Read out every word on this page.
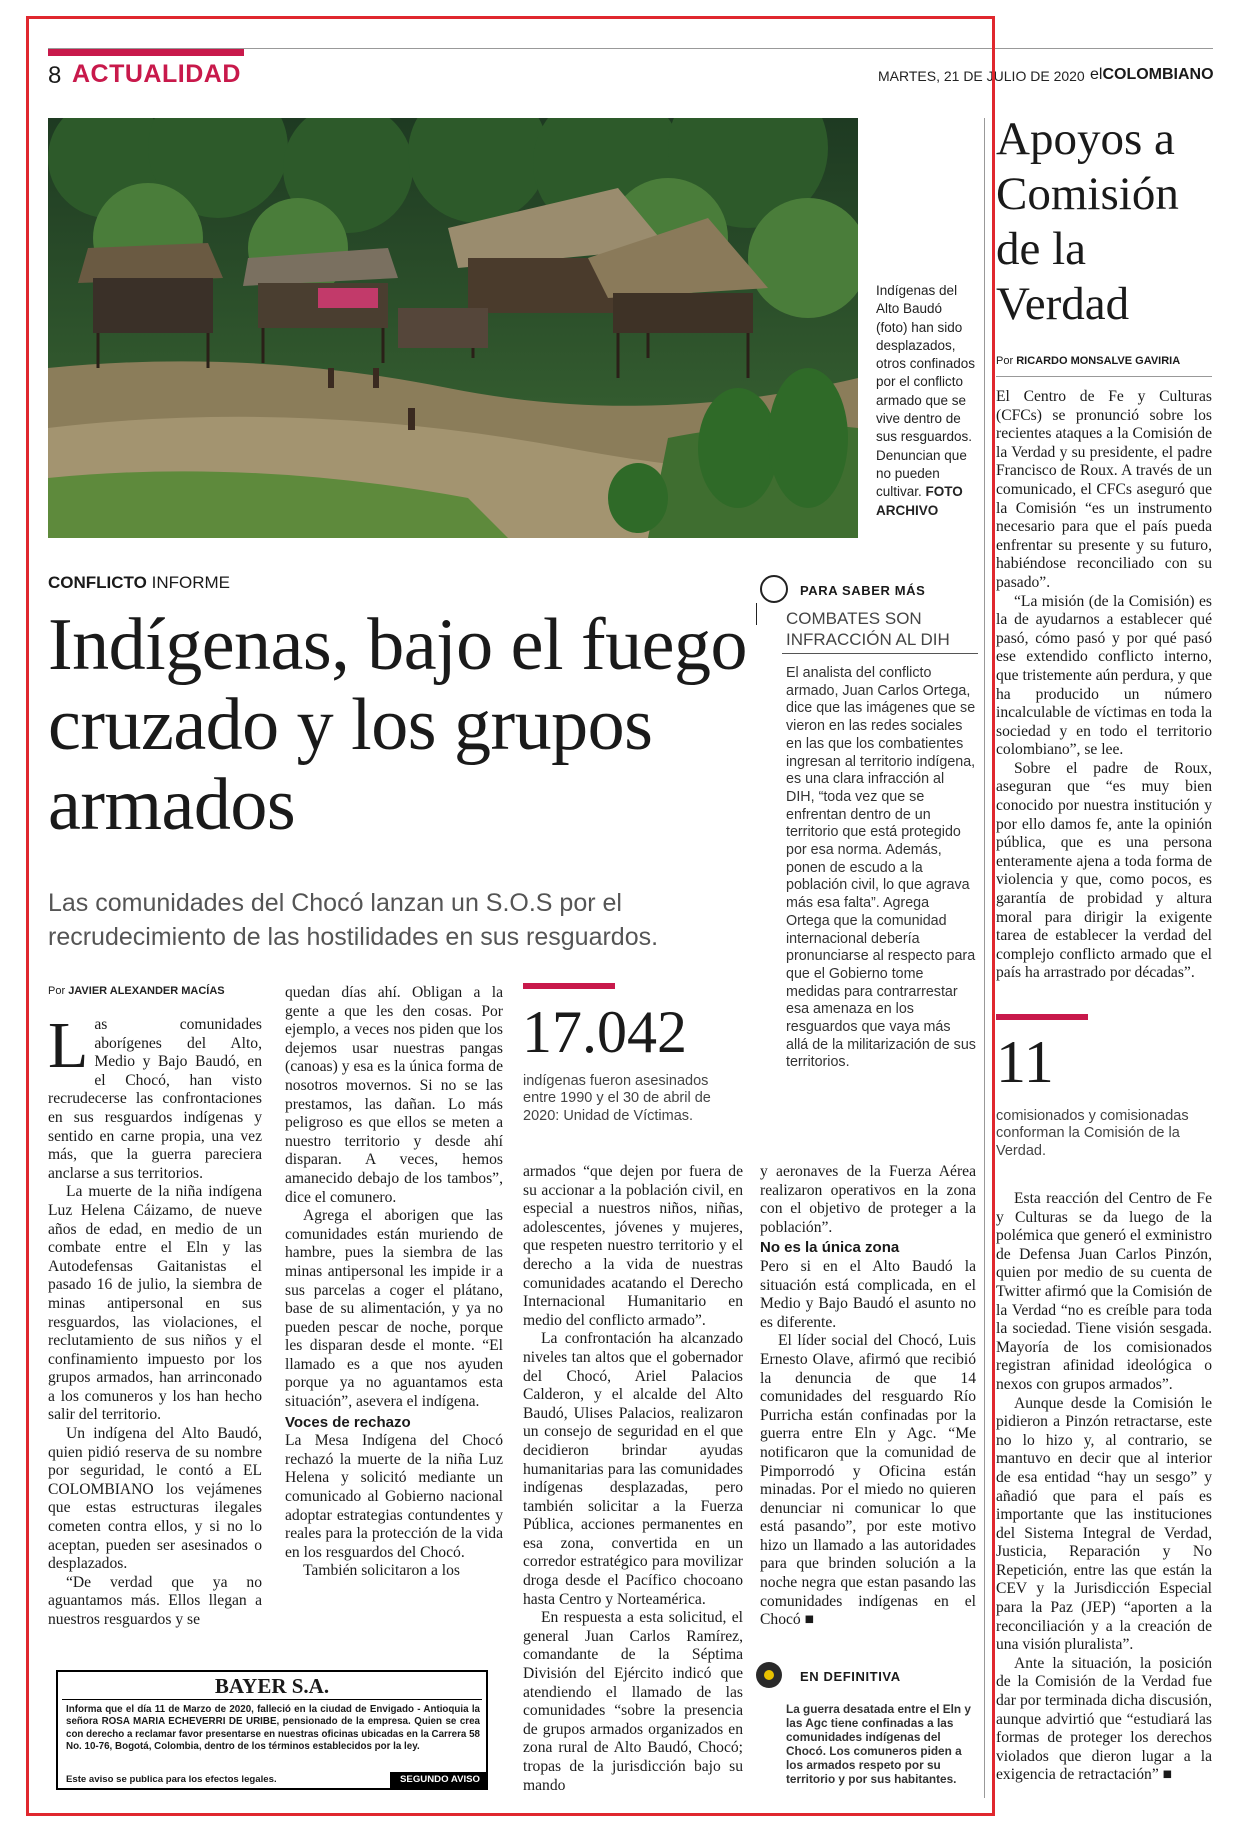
8 ACTUALIDAD	MARTES, 21 DE JULIO DE 2020 elCOLOMBIANO
Indígenas del Alto Baudó (foto) han sido desplazados, otros confinados por el conflicto armado que se vive dentro de sus resguardos. Denuncian que no pueden cultivar. FOTO ARCHIVO
CONFLICTO INFORME
Indígenas, bajo el fuego cruzado y los grupos armados
Las comunidades del Chocó lanzan un S.O.S por el recrudecimiento de las hostilidades en sus resguardos.
Por JAVIER ALEXANDER MACÍAS

Las comunidades aborígenes del Alto, Medio y Bajo Baudó, en el Chocó, han visto recrudecerse las confrontaciones en sus resguardos indígenas y sentido en carne propia, una vez más, que la guerra pareciera anclarse a sus territorios.

La muerte de la niña indígena Luz Helena Cáizamo, de nueve años de edad, en medio de un combate entre el Eln y las Autodefensas Gaitanistas el pasado 16 de julio, la siembra de minas antipersonal en sus resguardos, las violaciones, el reclutamiento de sus niños y el confinamiento impuesto por los grupos armados, han arrinconado a los comuneros y los han hecho salir del territorio.

Un indígena del Alto Baudó, quien pidió reserva de su nombre por seguridad, le contó a EL COLOMBIANO los vejámenes que estas estructuras ilegales cometen contra ellos, y si no lo aceptan, pueden ser asesinados o desplazados.

“De verdad que ya no aguantamos más. Ellos llegan a nuestros resguardos y se

quedan días ahí. Obligan a la gente a que les den cosas. Por ejemplo, a veces nos piden que los dejemos usar nuestras pangas (canoas) y esa es la única forma de nosotros movernos. Si no se las prestamos, las dañan. Lo más peligroso es que ellos se meten a nuestro territorio y desde ahí disparan. A veces, hemos amanecido debajo de los tambos”, dice el comunero.

Agrega el aborigen que las comunidades están muriendo de hambre, pues la siembra de las minas antipersonal les impide ir a sus parcelas a coger el plátano, base de su alimentación, y ya no pueden pescar de noche, porque les disparan desde el monte. “El llamado es a que nos ayuden porque ya no aguantamos esta situación”, asevera el indígena.

Voces de rechazo

La Mesa Indígena del Chocó rechazó la muerte de la niña Luz Helena y solicitó mediante un comunicado al Gobierno nacional adoptar estrategias contundentes y reales para la protección de la vida en los resguardos del Chocó.

También solicitaron a los

17.042
indígenas fueron asesinados entre 1990 y el 30 de abril de 2020: Unidad de Víctimas.

armados “que dejen por fuera de su accionar a la población civil, en especial a nuestros niños, niñas, adolescentes, jóvenes y mujeres, que respeten nuestro territorio y el derecho a la vida de nuestras comunidades acatando el Derecho Internacional Humanitario en medio del conflicto armado”.

La confrontación ha alcanzado niveles tan altos que el gobernador del Chocó, Ariel Palacios Calderon, y el alcalde del Alto Baudó, Ulises Palacios, realizaron un consejo de seguridad en el que decidieron brindar ayudas humanitarias para las comunidades indígenas desplazadas, pero también solicitar a la Fuerza Pública, acciones permanentes en esa zona, convertida en un corredor estratégico para movilizar droga desde el Pacífico chocoano hasta Centro y Norteamérica.

En respuesta a esta solicitud, el general Juan Carlos Ramírez, comandante de la Séptima División del Ejército indicó que atendiendo el llamado de las comunidades “sobre la presencia de grupos armados organizados en zona rural de Alto Baudó, Chocó; tropas de la jurisdicción bajo su mando

PARA SABER MÁS
COMBATES SON INFRACCIÓN AL DIH
El analista del conflicto armado, Juan Carlos Ortega, dice que las imágenes que se vieron en las redes sociales en las que los combatientes ingresan al territorio indígena, es una clara infracción al DIH, “toda vez que se enfrentan dentro de un territorio que está protegido por esa norma. Además, ponen de escudo a la población civil, lo que agrava más esa falta”. Agrega Ortega que la comunidad internacional debería pronunciarse al respecto para que el Gobierno tome medidas para contrarrestar esa amenaza en los resguardos que vaya más allá de la militarización de sus territorios.

y aeronaves de la Fuerza Aérea realizaron operativos en la zona con el objetivo de proteger a la población”.

No es la única zona

Pero si en el Alto Baudó la situación está complicada, en el Medio y Bajo Baudó el asunto no es diferente.

El líder social del Chocó, Luis Ernesto Olave, afirmó que recibió la denuncia de que 14 comunidades del resguardo Río Purricha están confinadas por la guerra entre Eln y Agc. “Me notificaron que la comunidad de Pimporrodó y Oficina están minadas. Por el miedo no quieren denunciar ni comunicar lo que está pasando”, por este motivo hizo un llamado a las autoridades para que brinden solución a la noche negra que estan pasando las comunidades indígenas en el Chocó ■

EN DEFINITIVA
La guerra desatada entre el Eln y las Agc tiene confinadas a las comunidades indígenas del Chocó. Los comuneros piden a los armados respeto por su territorio y por sus habitantes.
BAYER S.A.
Informa que el día 11 de Marzo de 2020, falleció en la ciudad de Envigado - Antioquia la señora ROSA MARIA ECHEVERRI DE URIBE, pensionado de la empresa. Quien se crea con derecho a reclamar favor presentarse en nuestras oficinas ubicadas en la Carrera 58 No. 10-76, Bogotá, Colombia, dentro de los términos establecidos por la ley.
Este aviso se publica para los efectos legales.	SEGUNDO AVISO
Apoyos a Comisión de la Verdad
Por RICARDO MONSALVE GAVIRIA

El Centro de Fe y Culturas (CFCs) se pronunció sobre los recientes ataques a la Comisión de la Verdad y su presidente, el padre Francisco de Roux. A través de un comunicado, el CFCs aseguró que la Comisión “es un instrumento necesario para que el país pueda enfrentar su presente y su futuro, habiéndose reconciliado con su pasado”.

“La misión (de la Comisión) es la de ayudarnos a establecer qué pasó, cómo pasó y por qué pasó ese extendido conflicto interno, que tristemente aún perdura, y que ha producido un número incalculable de víctimas en toda la sociedad y en todo el territorio colombiano”, se lee.

Sobre el padre de Roux, aseguran que “es muy bien conocido por nuestra institución y por ello damos fe, ante la opinión pública, que es una persona enteramente ajena a toda forma de violencia y que, como pocos, es garantía de probidad y altura moral para dirigir la exigente tarea de establecer la verdad del complejo conflicto armado que el país ha arrastrado por décadas”.

11
comisionados y comisionadas conforman la Comisión de la Verdad.

Esta reacción del Centro de Fe y Culturas se da luego de la polémica que generó el exministro de Defensa Juan Carlos Pinzón, quien por medio de su cuenta de Twitter afirmó que la Comisión de la Verdad “no es creíble para toda la sociedad. Tiene visión sesgada. Mayoría de los comisionados registran afinidad ideológica o nexos con grupos armados”.

Aunque desde la Comisión le pidieron a Pinzón retractarse, este no lo hizo y, al contrario, se mantuvo en decir que al interior de esa entidad “hay un sesgo” y añadió que para el país es importante que las instituciones del Sistema Integral de Verdad, Justicia, Reparación y No Repetición, entre las que están la CEV y la Jurisdicción Especial para la Paz (JEP) “aporten a la reconciliación y a la creación de una visión pluralista”.

Ante la situación, la posición de la Comisión de la Verdad fue dar por terminada dicha discusión, aunque advirtió que “estudiará las formas de proteger los derechos violados que dieron lugar a la exigencia de retractación” ■
